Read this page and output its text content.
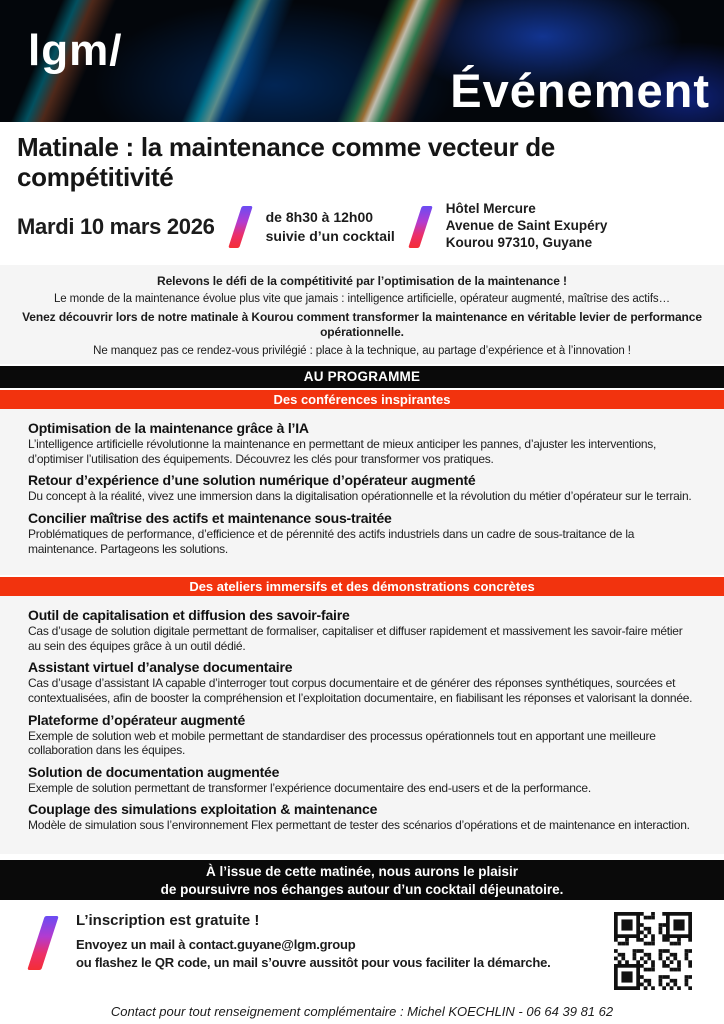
lgm/
Événement
Matinale : la maintenance comme vecteur de compétitivité
Mardi 10 mars 2026	de 8h30 à 12h00
suivie d’un cocktail
Hôtel Mercure
Avenue de Saint Exupéry
Kourou 97310, Guyane

Relevons le défi de la compétitivité par l’optimisation de la maintenance !

Le monde de la maintenance évolue plus vite que jamais : intelligence artificielle, opérateur augmenté, maîtrise des actifs…

Venez découvrir lors de notre matinale à Kourou comment transformer la maintenance en véritable levier de performance opérationnelle.

Ne manquez pas ce rendez-vous privilégié : place à la technique, au partage d’expérience et à l’innovation !

AU PROGRAMME
Des conférences inspirantes
Optimisation de la maintenance grâce à l’IA

L’intelligence artificielle révolutionne la maintenance en permettant de mieux anticiper les pannes, d’ajuster les interventions, d’optimiser l’utilisation des équipements. Découvrez les clés pour transformer vos pratiques.

Retour d’expérience d’une solution numérique d’opérateur augmenté

Du concept à la réalité, vivez une immersion dans la digitalisation opérationnelle et la révolution du métier d’opérateur sur le terrain.

Concilier maîtrise des actifs et maintenance sous-traitée

Problématiques de performance, d’efficience et de pérennité des actifs industriels dans un cadre de sous-traitance de la maintenance. Partageons les solutions.

Des ateliers immersifs et des démonstrations concrètes
Outil de capitalisation et diffusion des savoir-faire

Cas d’usage de solution digitale permettant de formaliser, capitaliser et diffuser rapidement et massivement les savoir-faire métier au sein des équipes grâce à un outil dédié.

Assistant virtuel d’analyse documentaire

Cas d’usage d’assistant IA capable d’interroger tout corpus documentaire et de générer des réponses synthétiques, sourcées et contextualisées, afin de booster la compréhension et l’exploitation documentaire, en fiabilisant les réponses et valorisant la donnée.

Plateforme d’opérateur augmenté

Exemple de solution web et mobile permettant de standardiser des processus opérationnels tout en apportant une meilleure collaboration dans les équipes.

Solution de documentation augmentée

Exemple de solution permettant de transformer l’expérience documentaire des end-users et de la performance.

Couplage des simulations exploitation & maintenance

Modèle de simulation sous l’environnement Flex permettant de tester des scénarios d’opérations et de maintenance en interaction.

À l’issue de cette matinée, nous aurons le plaisir
de poursuivre nos échanges autour d’un cocktail déjeunatoire.
L’inscription est gratuite !
Envoyez un mail à contact.guyane@lgm.group
ou flashez le QR code, un mail s’ouvre aussitôt pour vous faciliter la démarche.
Contact pour tout renseignement complémentaire : Michel KOECHLIN - 06 64 39 81 62
